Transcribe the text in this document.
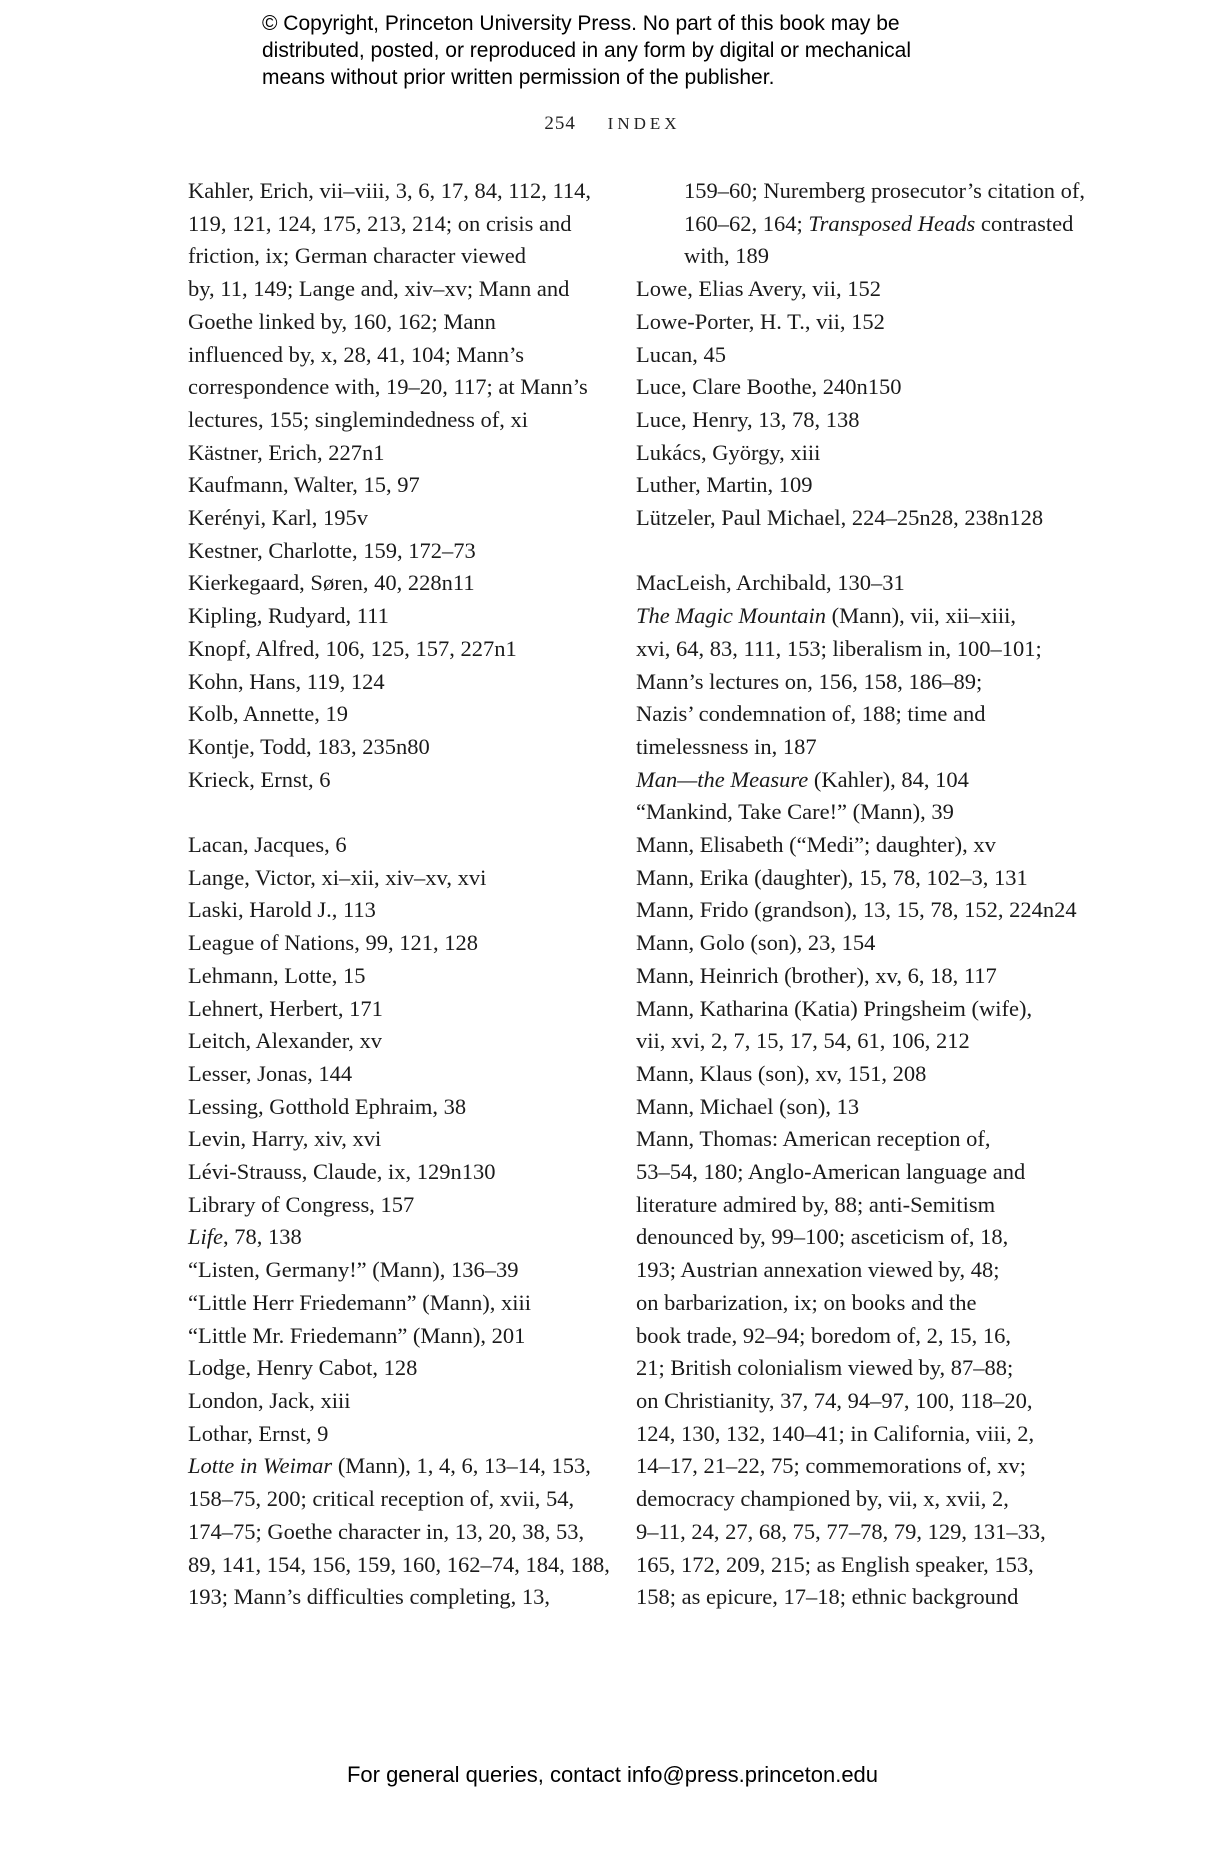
© Copyright, Princeton University Press. No part of this book may be
distributed, posted, or reproduced in any form by digital or mechanical
means without prior written permission of the publisher.
254 INDEX
Kahler, Erich, vii–viii, 3, 6, 17, 84, 112, 114,
119, 121, 124, 175, 213, 214; on crisis and
friction, ix; German character viewed
by, 11, 149; Lange and, xiv–xv; Mann and
Goethe linked by, 160, 162; Mann
influenced by, x, 28, 41, 104; Mann’s
correspondence with, 19–20, 117; at Mann’s
lectures, 155; singlemindedness of, xi
Kästner, Erich, 227n1
Kaufmann, Walter, 15, 97
Kerényi, Karl, 195v
Kestner, Charlotte, 159, 172–73
Kierkegaard, Søren, 40, 228n11
Kipling, Rudyard, 111
Knopf, Alfred, 106, 125, 157, 227n1
Kohn, Hans, 119, 124
Kolb, Annette, 19
Kontje, Todd, 183, 235n80
Krieck, Ernst, 6
Lacan, Jacques, 6
Lange, Victor, xi–xii, xiv–xv, xvi
Laski, Harold J., 113
League of Nations, 99, 121, 128
Lehmann, Lotte, 15
Lehnert, Herbert, 171
Leitch, Alexander, xv
Lesser, Jonas, 144
Lessing, Gotthold Ephraim, 38
Levin, Harry, xiv, xvi
Lévi-Strauss, Claude, ix, 129n130
Library of Congress, 157
Life, 78, 138
“Listen, Germany!” (Mann), 136–39
“Little Herr Friedemann” (Mann), xiii
“Little Mr. Friedemann” (Mann), 201
Lodge, Henry Cabot, 128
London, Jack, xiii
Lothar, Ernst, 9
Lotte in Weimar (Mann), 1, 4, 6, 13–14, 153,
158–75, 200; critical reception of, xvii, 54,
174–75; Goethe character in, 13, 20, 38, 53,
89, 141, 154, 156, 159, 160, 162–74, 184, 188,
193; Mann’s difficulties completing, 13,
159–60; Nuremberg prosecutor’s citation of,
160–62, 164; Transposed Heads contrasted
with, 189
Lowe, Elias Avery, vii, 152
Lowe-Porter, H. T., vii, 152
Lucan, 45
Luce, Clare Boothe, 240n150
Luce, Henry, 13, 78, 138
Lukács, György, xiii
Luther, Martin, 109
Lützeler, Paul Michael, 224–25n28, 238n128
MacLeish, Archibald, 130–31
The Magic Mountain (Mann), vii, xii–xiii,
xvi, 64, 83, 111, 153; liberalism in, 100–101;
Mann’s lectures on, 156, 158, 186–89;
Nazis’ condemnation of, 188; time and
timelessness in, 187
Man—the Measure (Kahler), 84, 104
“Mankind, Take Care!” (Mann), 39
Mann, Elisabeth (“Medi”; daughter), xv
Mann, Erika (daughter), 15, 78, 102–3, 131
Mann, Frido (grandson), 13, 15, 78, 152, 224n24
Mann, Golo (son), 23, 154
Mann, Heinrich (brother), xv, 6, 18, 117
Mann, Katharina (Katia) Pringsheim (wife),
vii, xvi, 2, 7, 15, 17, 54, 61, 106, 212
Mann, Klaus (son), xv, 151, 208
Mann, Michael (son), 13
Mann, Thomas: American reception of,
53–54, 180; Anglo-American language and
literature admired by, 88; anti-Semitism
denounced by, 99–100; asceticism of, 18,
193; Austrian annexation viewed by, 48;
on barbarization, ix; on books and the
book trade, 92–94; boredom of, 2, 15, 16,
21; British colonialism viewed by, 87–88;
on Christianity, 37, 74, 94–97, 100, 118–20,
124, 130, 132, 140–41; in California, viii, 2,
14–17, 21–22, 75; commemorations of, xv;
democracy championed by, vii, x, xvii, 2,
9–11, 24, 27, 68, 75, 77–78, 79, 129, 131–33,
165, 172, 209, 215; as English speaker, 153,
158; as epicure, 17–18; ethnic background
For general queries, contact info@press.princeton.edu
